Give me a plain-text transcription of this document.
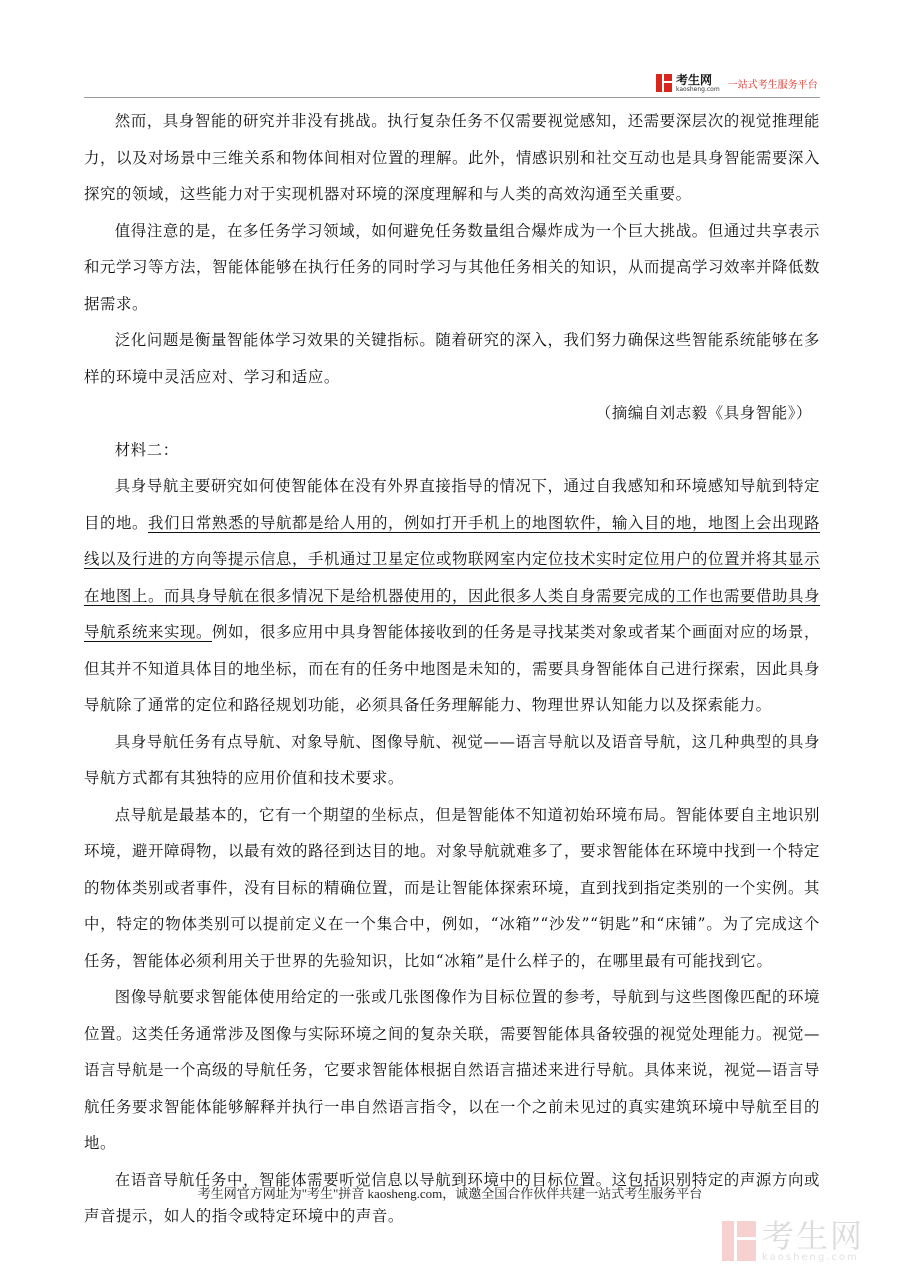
考生网
kaosheng.com 一站式考生服务平台

然而，具身智能的研究并非没有挑战。执行复杂任务不仅需要视觉感知，还需要深层次的视觉推理能力，以及对场景中三维关系和物体间相对位置的理解。此外，情感识别和社交互动也是具身智能需要深入探究的领域，这些能力对于实现机器对环境的深度理解和与人类的高效沟通至关重要。

值得注意的是，在多任务学习领域，如何避免任务数量组合爆炸成为一个巨大挑战。但通过共享表示和元学习等方法，智能体能够在执行任务的同时学习与其他任务相关的知识，从而提高学习效率并降低数据需求。

泛化问题是衡量智能体学习效果的关键指标。随着研究的深入，我们努力确保这些智能系统能够在多样的环境中灵活应对、学习和适应。

（摘编自刘志毅《具身智能》）

材料二：

具身导航主要研究如何使智能体在没有外界直接指导的情况下，通过自我感知和环境感知导航到特定目的地。我们日常熟悉的导航都是给人用的，例如打开手机上的地图软件，输入目的地，地图上会出现路线以及行进的方向等提示信息，手机通过卫星定位或物联网室内定位技术实时定位用户的位置并将其显示在地图上。而具身导航在很多情况下是给机器使用的，因此很多人类自身需要完成的工作也需要借助具身导航系统来实现。例如，很多应用中具身智能体接收到的任务是寻找某类对象或者某个画面对应的场景，但其并不知道具体目的地坐标，而在有的任务中地图是未知的，需要具身智能体自己进行探索，因此具身导航除了通常的定位和路径规划功能，必须具备任务理解能力、物理世界认知能力以及探索能力。

具身导航任务有点导航、对象导航、图像导航、视觉——语言导航以及语音导航，这几种典型的具身导航方式都有其独特的应用价值和技术要求。

点导航是最基本的，它有一个期望的坐标点，但是智能体不知道初始环境布局。智能体要自主地识别环境，避开障碍物，以最有效的路径到达目的地。对象导航就难多了，要求智能体在环境中找到一个特定的物体类别或者事件，没有目标的精确位置，而是让智能体探索环境，直到找到指定类别的一个实例。其中，特定的物体类别可以提前定义在一个集合中，例如，“冰箱”“沙发”“钥匙”和“床铺”。为了完成这个任务，智能体必须利用关于世界的先验知识，比如“冰箱”是什么样子的，在哪里最有可能找到它。

图像导航要求智能体使用给定的一张或几张图像作为目标位置的参考，导航到与这些图像匹配的环境位置。这类任务通常涉及图像与实际环境之间的复杂关联，需要智能体具备较强的视觉处理能力。视觉—语言导航是一个高级的导航任务，它要求智能体根据自然语言描述来进行导航。具体来说，视觉—语言导航任务要求智能体能够解释并执行一串自然语言指令，以在一个之前未见过的真实建筑环境中导航至目的地。

在语音导航任务中，智能体需要听觉信息以导航到环境中的目标位置。这包括识别特定的声源方向或声音提示，如人的指令或特定环境中的声音。

考生网官方网址为"考生"拼音 kaosheng.com，诚邀全国合作伙伴共建一站式考生服务平台
考生网
kaosheng.com
